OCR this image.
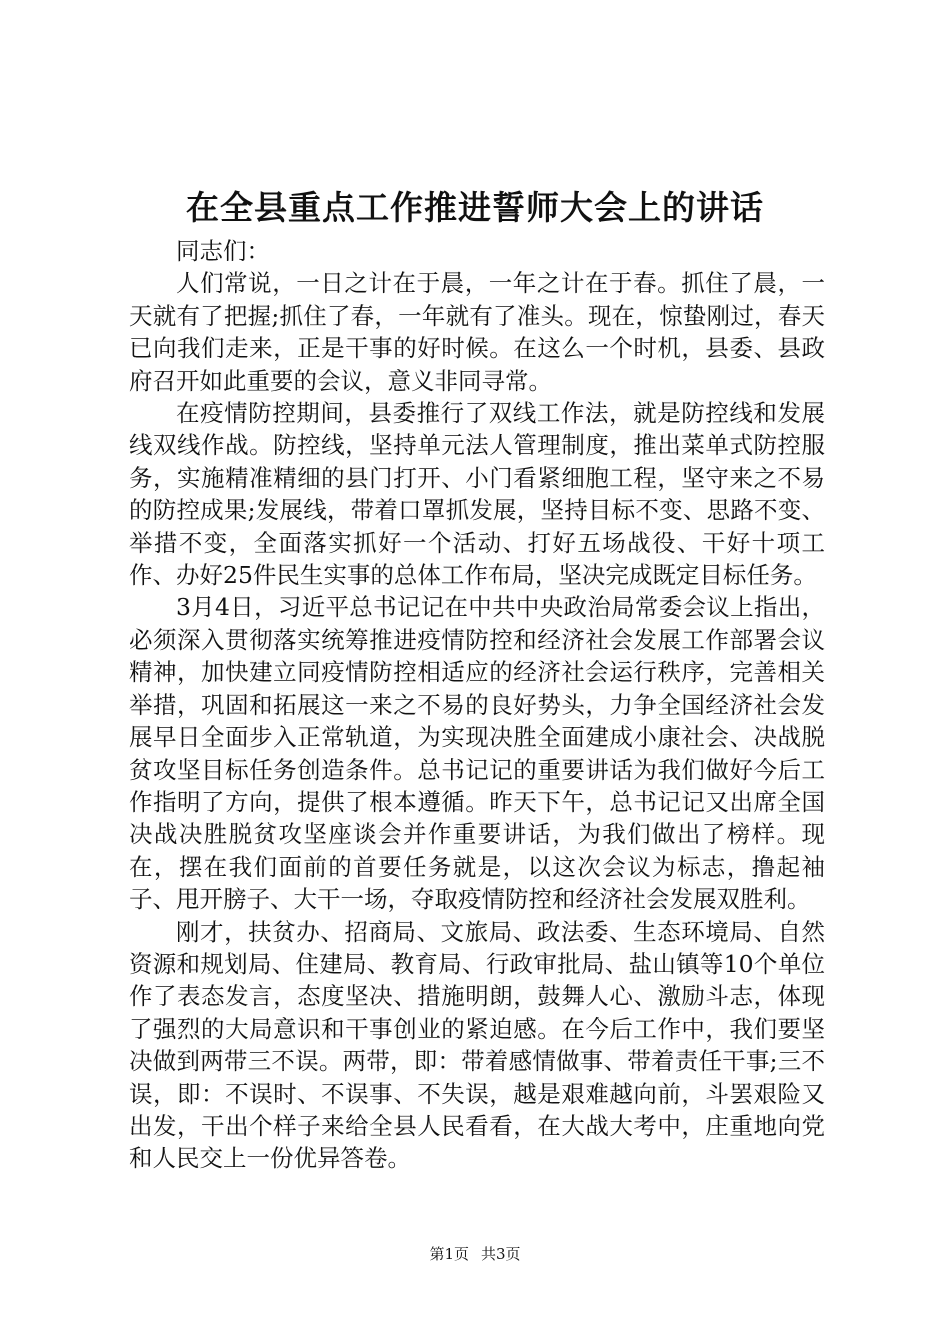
在全县重点工作推进誓师大会上的讲话

同志们：

人们常说，一日之计在于晨，一年之计在于春。抓住了晨，一天就有了把握;抓住了春，一年就有了准头。现在，惊蛰刚过，春天已向我们走来，正是干事的好时候。在这么一个时机，县委、县政府召开如此重要的会议，意义非同寻常。

在疫情防控期间，县委推行了双线工作法，就是防控线和发展线双线作战。防控线，坚持单元法人管理制度，推出菜单式防控服务，实施精准精细的县门打开、小门看紧细胞工程，坚守来之不易的防控成果;发展线，带着口罩抓发展，坚持目标不变、思路不变、举措不变，全面落实抓好一个活动、打好五场战役、干好十项工作、办好25件民生实事的总体工作布局，坚决完成既定目标任务。

3月4日，习近平总书记记在中共中央政治局常委会议上指出，必须深入贯彻落实统筹推进疫情防控和经济社会发展工作部署会议精神，加快建立同疫情防控相适应的经济社会运行秩序，完善相关举措，巩固和拓展这一来之不易的良好势头，力争全国经济社会发展早日全面步入正常轨道，为实现决胜全面建成小康社会、决战脱贫攻坚目标任务创造条件。总书记记的重要讲话为我们做好今后工作指明了方向，提供了根本遵循。昨天下午，总书记记又出席全国决战决胜脱贫攻坚座谈会并作重要讲话，为我们做出了榜样。现在，摆在我们面前的首要任务就是，以这次会议为标志，撸起袖子、甩开膀子、大干一场，夺取疫情防控和经济社会发展双胜利。

刚才，扶贫办、招商局、文旅局、政法委、生态环境局、自然资源和规划局、住建局、教育局、行政审批局、盐山镇等10个单位作了表态发言，态度坚决、措施明朗，鼓舞人心、激励斗志，体现了强烈的大局意识和干事创业的紧迫感。在今后工作中，我们要坚决做到两带三不误。两带，即：带着感情做事、带着责任干事;三不误，即：不误时、不误事、不失误，越是艰难越向前，斗罢艰险又出发，干出个样子来给全县人民看看，在大战大考中，庄重地向党和人民交上一份优异答卷。

第1页 共3页
